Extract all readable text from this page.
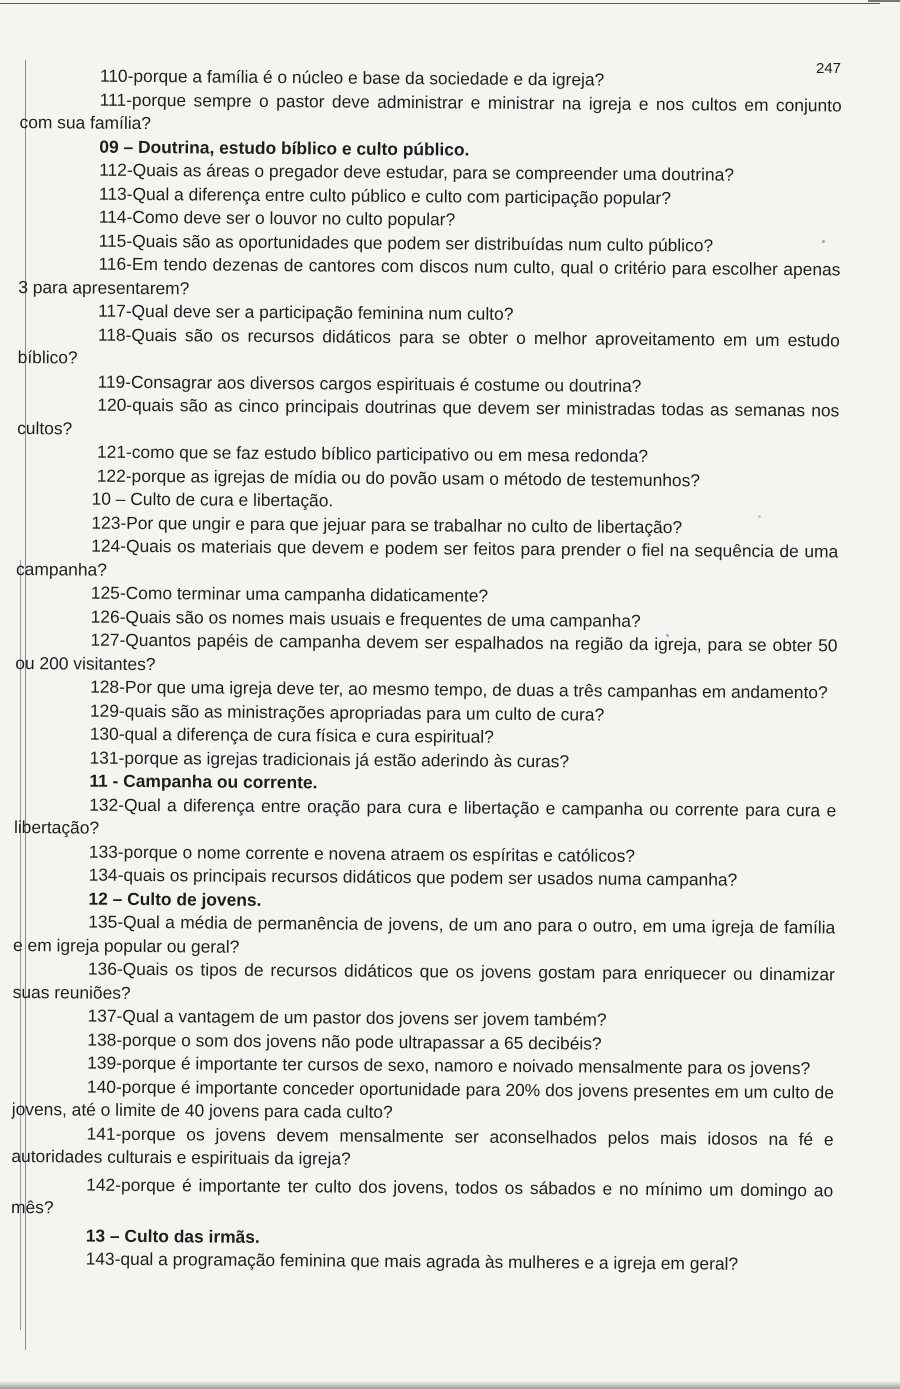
247

110-porque a família é o núcleo e base da sociedade e da igreja?

111-porque sempre o pastor deve administrar e ministrar na igreja e nos cultos em conjunto com sua família?

09 – Doutrina, estudo bíblico e culto público.

112-Quais as áreas o pregador deve estudar, para se compreender uma doutrina?

113-Qual a diferença entre culto público e culto com participação popular?

114-Como deve ser o louvor no culto popular?

115-Quais são as oportunidades que podem ser distribuídas num culto público?

116-Em tendo dezenas de cantores com discos num culto, qual o critério para escolher apenas 3 para apresentarem?

117-Qual deve ser a participação feminina num culto?

118-Quais são os recursos didáticos para se obter o melhor aproveitamento em um estudo bíblico?

119-Consagrar aos diversos cargos espirituais é costume ou doutrina?

120-quais são as cinco principais doutrinas que devem ser ministradas todas as semanas nos cultos?

121-como que se faz estudo bíblico participativo ou em mesa redonda?

122-porque as igrejas de mídia ou do povão usam o método de testemunhos?

10 – Culto de cura e libertação.

123-Por que ungir e para que jejuar para se trabalhar no culto de libertação?

124-Quais os materiais que devem e podem ser feitos para prender o fiel na sequência de uma campanha?

125-Como terminar uma campanha didaticamente?

126-Quais são os nomes mais usuais e frequentes de uma campanha?

127-Quantos papéis de campanha devem ser espalhados na região da igreja, para se obter 50 ou 200 visitantes?

128-Por que uma igreja deve ter, ao mesmo tempo, de duas a três campanhas em andamento?

129-quais são as ministrações apropriadas para um culto de cura?

130-qual a diferença de cura física e cura espiritual?

131-porque as igrejas tradicionais já estão aderindo às curas?

11 - Campanha ou corrente.

132-Qual a diferença entre oração para cura e libertação e campanha ou corrente para cura e libertação?

133-porque o nome corrente e novena atraem os espíritas e católicos?

134-quais os principais recursos didáticos que podem ser usados numa campanha?

12 – Culto de jovens.

135-Qual a média de permanência de jovens, de um ano para o outro, em uma igreja de família e em igreja popular ou geral?

136-Quais os tipos de recursos didáticos que os jovens gostam para enriquecer ou dinamizar suas reuniões?

137-Qual a vantagem de um pastor dos jovens ser jovem também?

138-porque o som dos jovens não pode ultrapassar a 65 decibéis?

139-porque é importante ter cursos de sexo, namoro e noivado mensalmente para os jovens?

140-porque é importante conceder oportunidade para 20% dos jovens presentes em um culto de jovens, até o limite de 40 jovens para cada culto?

141-porque os jovens devem mensalmente ser aconselhados pelos mais idosos na fé e autoridades culturais e espirituais da igreja?

142-porque é importante ter culto dos jovens, todos os sábados e no mínimo um domingo ao mês?

13 – Culto das irmãs.

143-qual a programação feminina que mais agrada às mulheres e a igreja em geral?
